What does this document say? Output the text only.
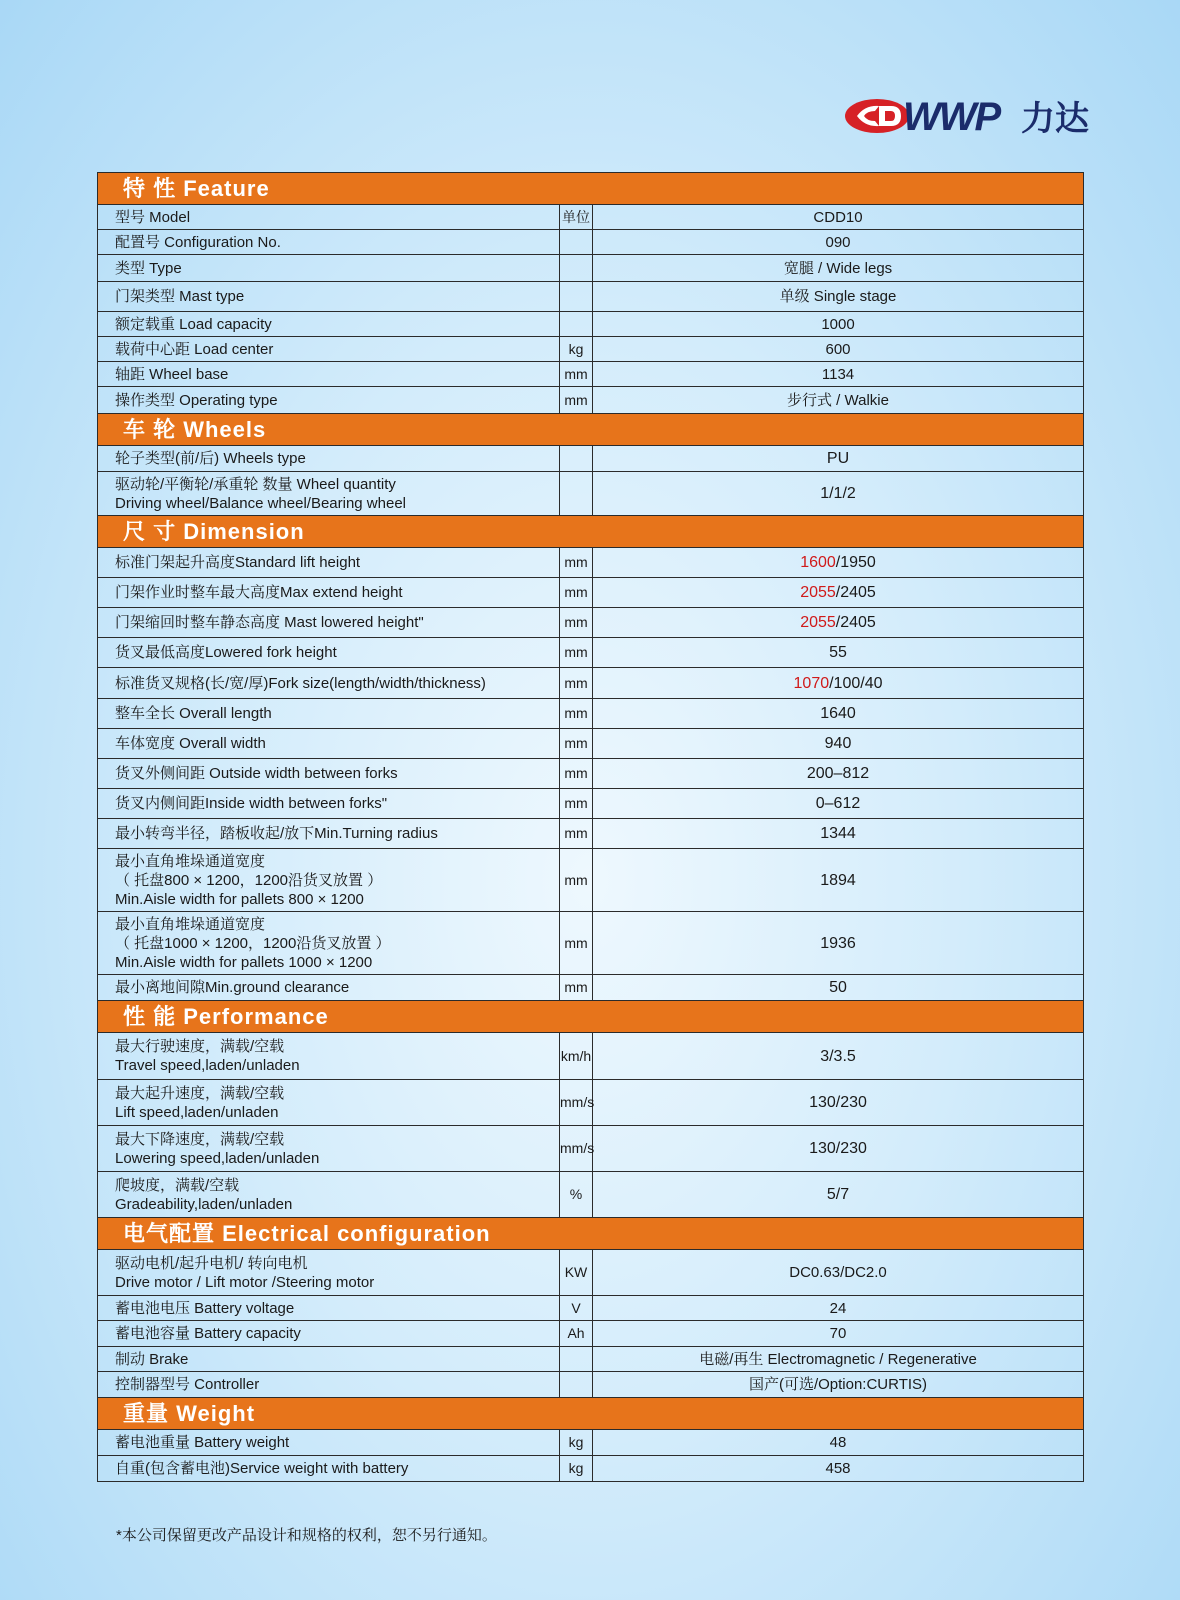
WWP 力达
特 性 Feature		

型号 Model	单位	CDD10

配置号 Configuration No.		090

类型 Type		宽腿 / Wide legs

门架类型 Mast type		单级 Single stage

额定载重 Load capacity		1000

载荷中心距 Load center	kg	600

轴距 Wheel base	mm	1134

操作类型 Operating type	mm	步行式 / Walkie
车 轮 Wheels		

轮子类型(前/后) Wheels type		PU

驱动轮/平衡轮/承重轮 数量 Wheel quantity
Driving wheel/Balance wheel/Bearing wheel		1/1/2
尺 寸 Dimension		

标准门架起升高度Standard lift height	mm	1600/1950

门架作业时整车最大高度Max extend height	mm	2055/2405

门架缩回时整车静态高度 Mast lowered height"	mm	2055/2405

货叉最低高度Lowered fork height	mm	55

标准货叉规格(长/宽/厚)Fork size(length/width/thickness)	mm	1070/100/40

整车全长 Overall length	mm	1640

车体宽度 Overall width	mm	940

货叉外侧间距 Outside width between forks	mm	200–812

货叉内侧间距Inside width between forks"	mm	0–612

最小转弯半径，踏板收起/放下Min.Turning radius	mm	1344

最小直角堆垛通道宽度
（ 托盘800 × 1200，1200沿货叉放置 ）
Min.Aisle width for pallets 800 × 1200	mm	1894

最小直角堆垛通道宽度
（ 托盘1000 × 1200，1200沿货叉放置 ）
Min.Aisle width for pallets 1000 × 1200	mm	1936

最小离地间隙Min.ground clearance	mm	50
性 能 Performance		

最大行驶速度，满载/空载
Travel speed,laden/unladen	km/h	3/3.5

最大起升速度，满载/空载
Lift speed,laden/unladen	mm/s	130/230

最大下降速度，满载/空载
Lowering speed,laden/unladen	mm/s	130/230

爬坡度，满载/空载
Gradeability,laden/unladen	%	5/7
电气配置 Electrical configuration		

驱动电机/起升电机/ 转向电机
Drive motor / Lift motor /Steering motor	KW	DC0.63/DC2.0

蓄电池电压 Battery voltage	V	24

蓄电池容量 Battery capacity	Ah	70

制动 Brake		电磁/再生 Electromagnetic / Regenerative

控制器型号 Controller		国产(可选/Option:CURTIS)
重量 Weight		

蓄电池重量 Battery weight	kg	48

自重(包含蓄电池)Service weight with battery	kg	458
*本公司保留更改产品设计和规格的权利，恕不另行通知。
